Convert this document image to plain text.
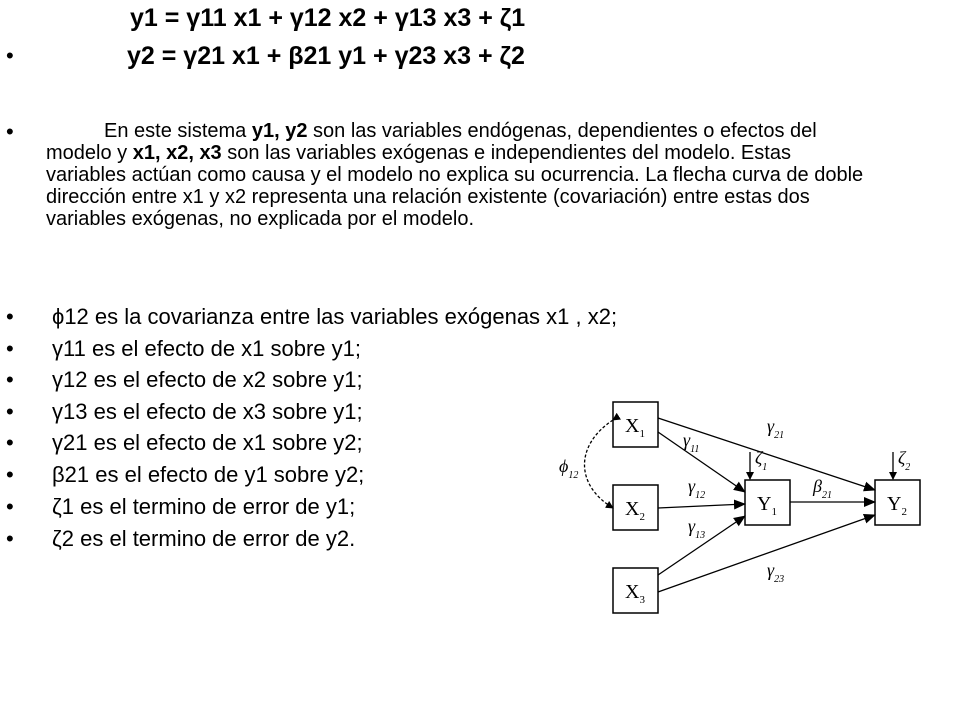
y1 = γ11 x1 + γ12 x2 + γ13 x3 + ζ1
•	y2 = γ21 x1 + β21 y1 + γ23 x3 + ζ2
•	En este sistema y1, y2 son las variables endógenas, dependientes o efectos del modelo y x1, x2, x3 son las variables exógenas e independientes del modelo. Estas variables actúan como causa y el modelo no explica su ocurrencia. La flecha curva de doble dirección entre x1 y x2 representa una relación existente (covariación) entre estas dos variables exógenas, no explicada por el modelo.
• ϕ12 es la covarianza entre las variables exógenas x1 , x2;
• γ11 es el efecto de x1 sobre y1;
• γ12 es el efecto de x2 sobre y1;
• γ13 es el efecto de x3 sobre y1;
• γ21 es el efecto de x1 sobre y2;
• β21 es el efecto de y1 sobre y2;
• ζ1 es el termino de error de y1;
• ζ2 es el termino de error de y2.
$X_1$
$X_2$
$X_3$
$Y_1$	$Y_2$
$\phi_{12}$
$\gamma_{11}$
$\gamma_{21}$
$\gamma_{12}$
$\gamma_{13}$
$\gamma_{23}$
$\beta_{21}$
$\zeta_1$	$\zeta_2$
